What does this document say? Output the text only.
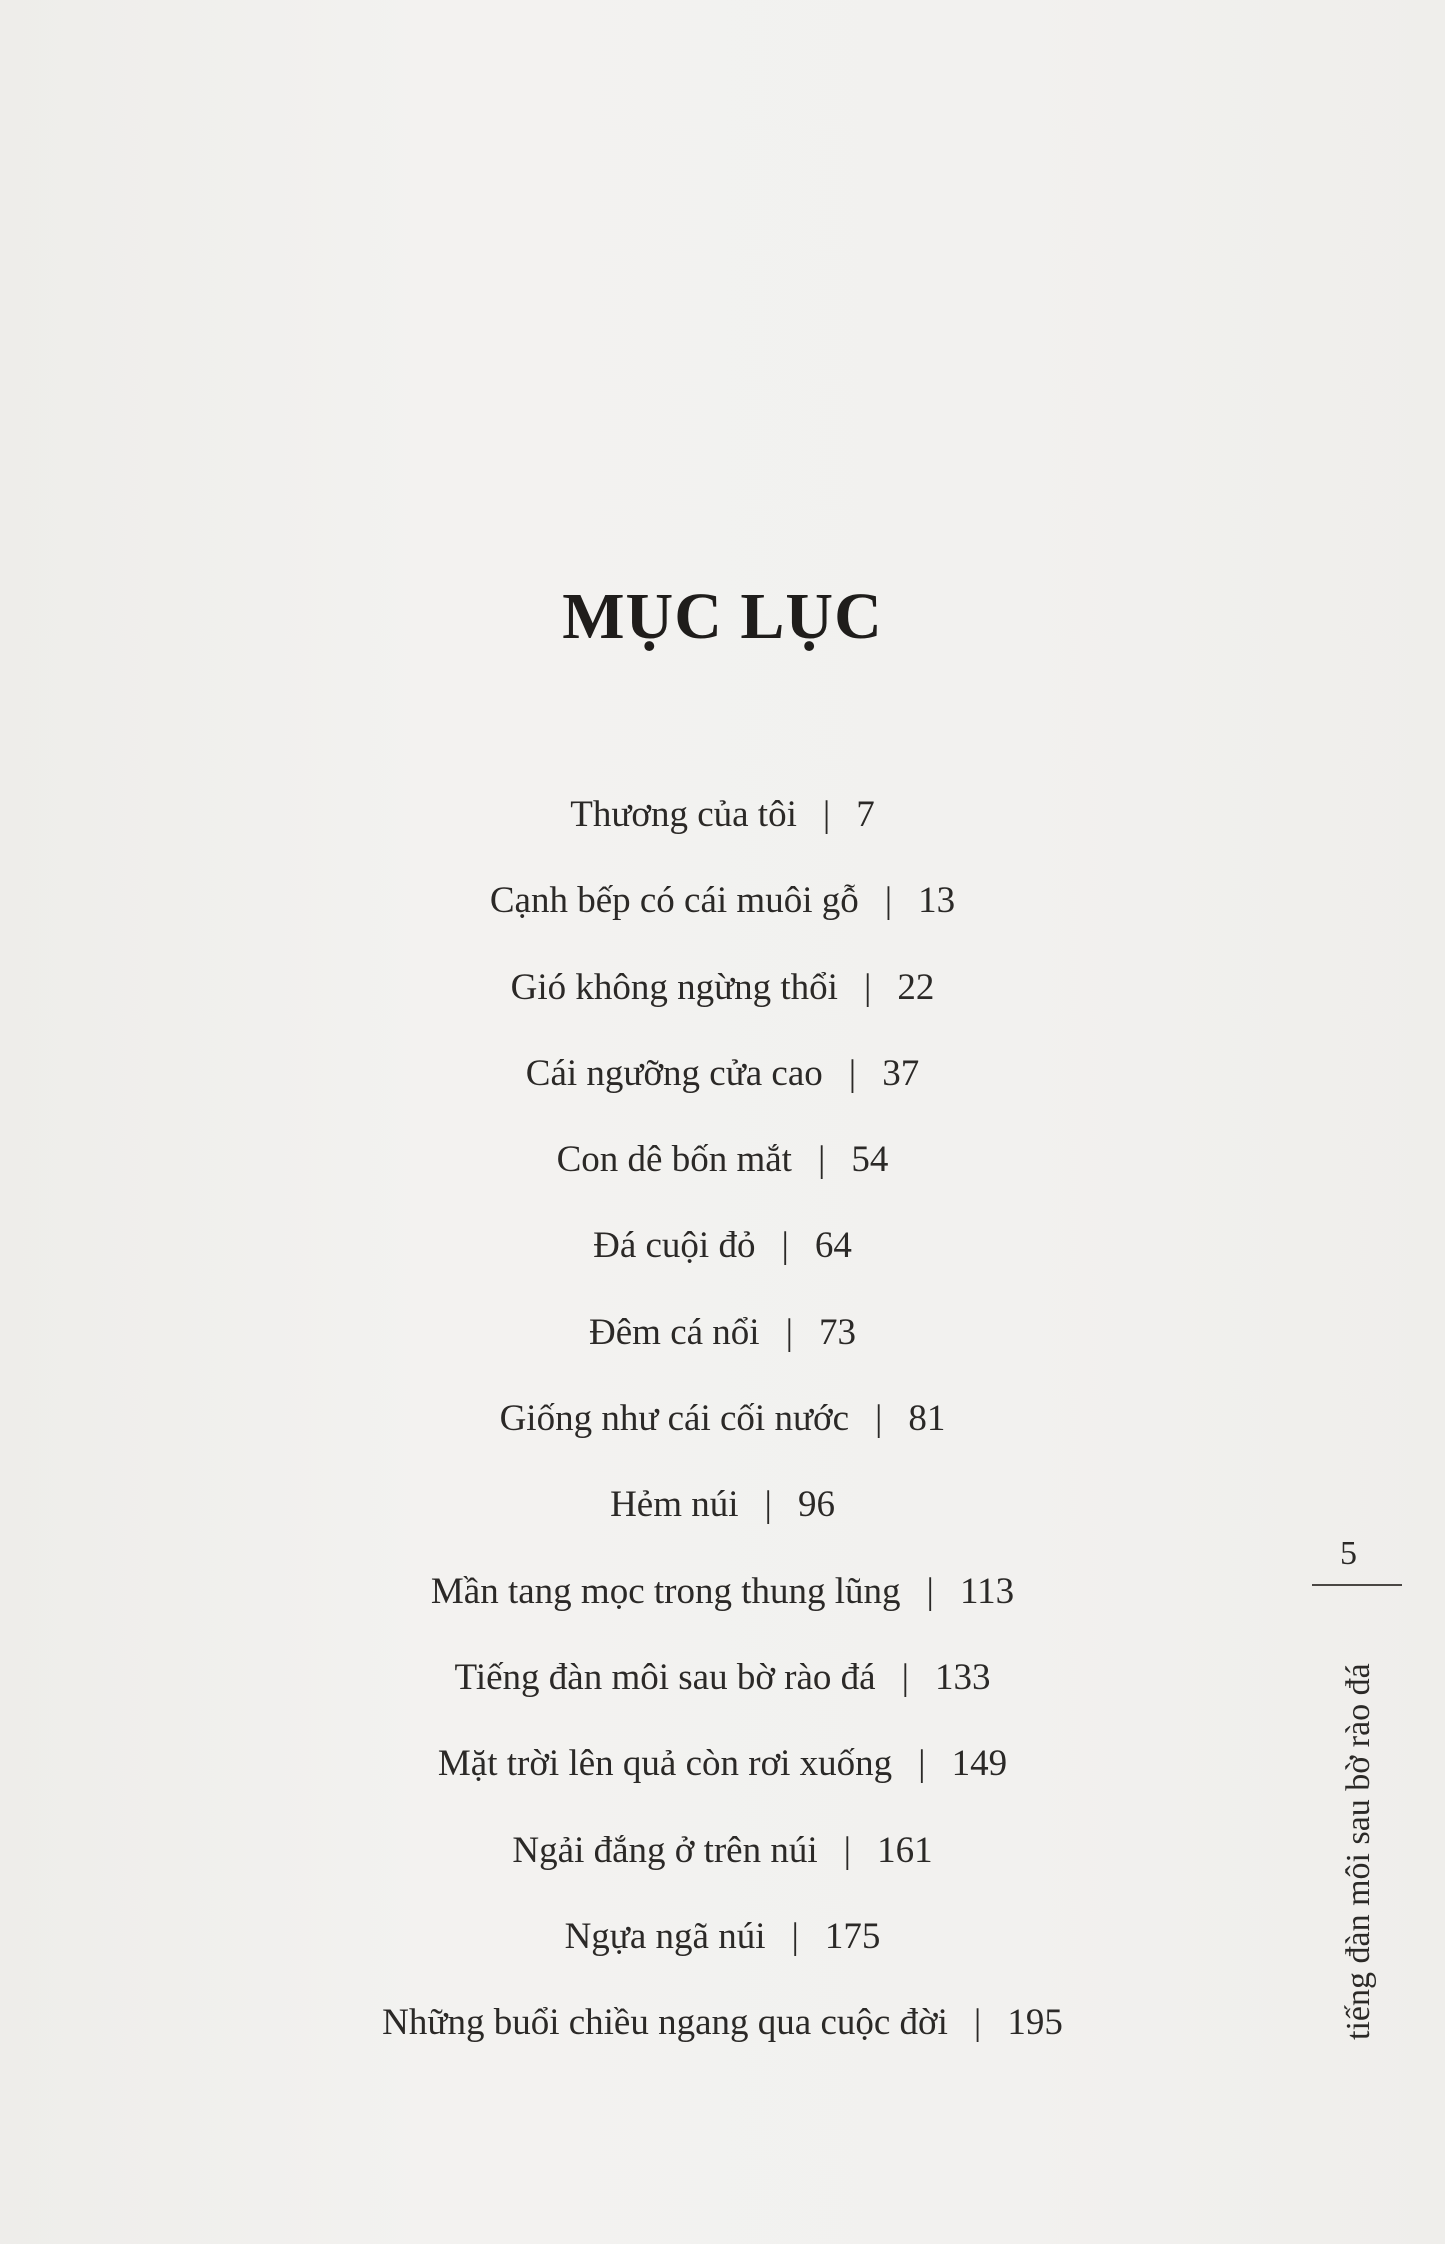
MỤC LỤC
Thương của tôi | 7
Cạnh bếp có cái muôi gỗ | 13
Gió không ngừng thổi | 22
Cái ngưỡng cửa cao | 37
Con dê bốn mắt | 54
Đá cuội đỏ | 64
Đêm cá nổi | 73
Giống như cái cối nước | 81
Hẻm núi | 96
Mần tang mọc trong thung lũng | 113
Tiếng đàn môi sau bờ rào đá | 133
Mặt trời lên quả còn rơi xuống | 149
Ngải đắng ở trên núi | 161
Ngựa ngã núi | 175
Những buổi chiều ngang qua cuộc đời | 195
5
tiếng đàn môi sau bờ rào đá
